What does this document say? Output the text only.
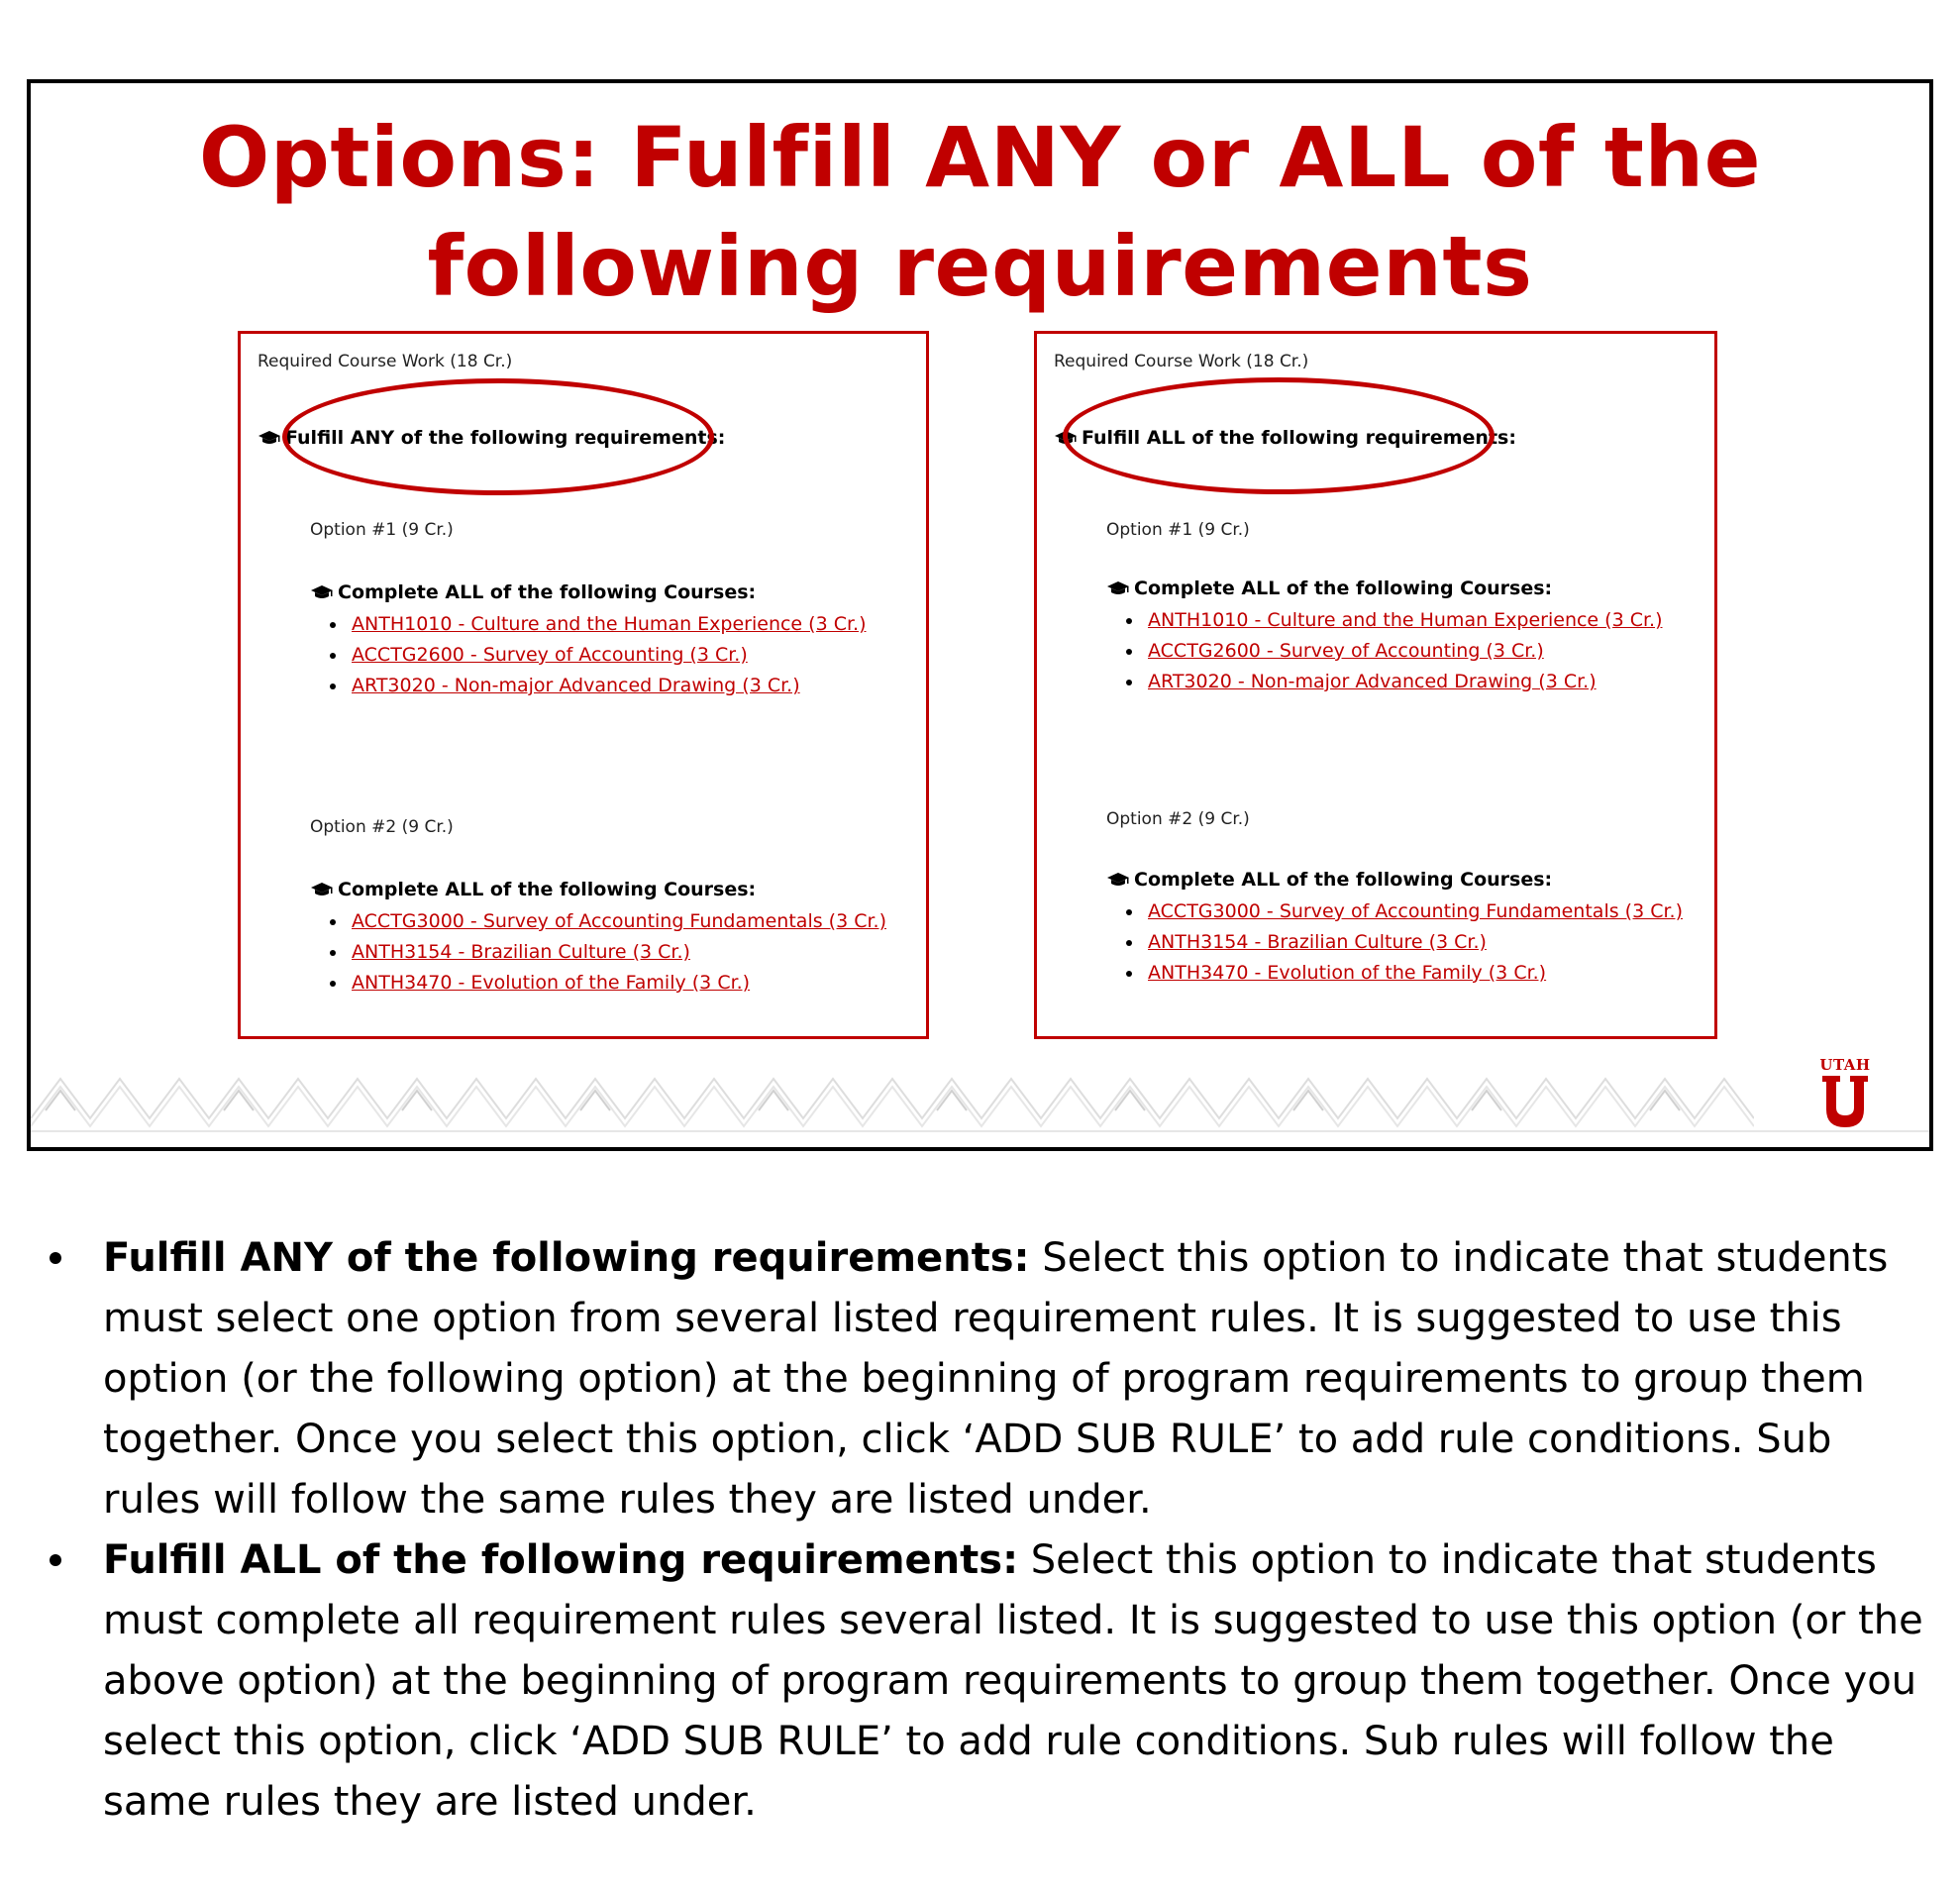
Options: Fulfill ANY or ALL of the
following requirements
Required Course Work (18 Cr.)
Fulfill ANY of the following requirements:
Option #1 (9 Cr.)
Complete ALL of the following Courses:
ANTH1010 - Culture and the Human Experience (3 Cr.)
ACCTG2600 - Survey of Accounting (3 Cr.)
ART3020 - Non-major Advanced Drawing (3 Cr.)
Option #2 (9 Cr.)
Complete ALL of the following Courses:
ACCTG3000 - Survey of Accounting Fundamentals (3 Cr.)
ANTH3154 - Brazilian Culture (3 Cr.)
ANTH3470 - Evolution of the Family (3 Cr.)
Required Course Work (18 Cr.)
Fulfill ALL of the following requirements:
Option #1 (9 Cr.)
Complete ALL of the following Courses:
ANTH1010 - Culture and the Human Experience (3 Cr.)
ACCTG2600 - Survey of Accounting (3 Cr.)
ART3020 - Non-major Advanced Drawing (3 Cr.)
Option #2 (9 Cr.)
Complete ALL of the following Courses:
ACCTG3000 - Survey of Accounting Fundamentals (3 Cr.)
ANTH3154 - Brazilian Culture (3 Cr.)
ANTH3470 - Evolution of the Family (3 Cr.)
UTAH
Fulfill ANY of the following requirements: Select this option to indicate that students must select one option from several listed requirement rules. It is suggested to use this option (or the following option) at the beginning of program requirements to group them together. Once you select this option, click ‘ADD SUB RULE’ to add rule conditions. Sub rules will follow the same rules they are listed under.
Fulfill ALL of the following requirements: Select this option to indicate that students must complete all requirement rules several listed. It is suggested to use this option (or the above option) at the beginning of program requirements to group them together. Once you select this option, click ‘ADD SUB RULE’ to add rule conditions. Sub rules will follow the same rules they are listed under.
